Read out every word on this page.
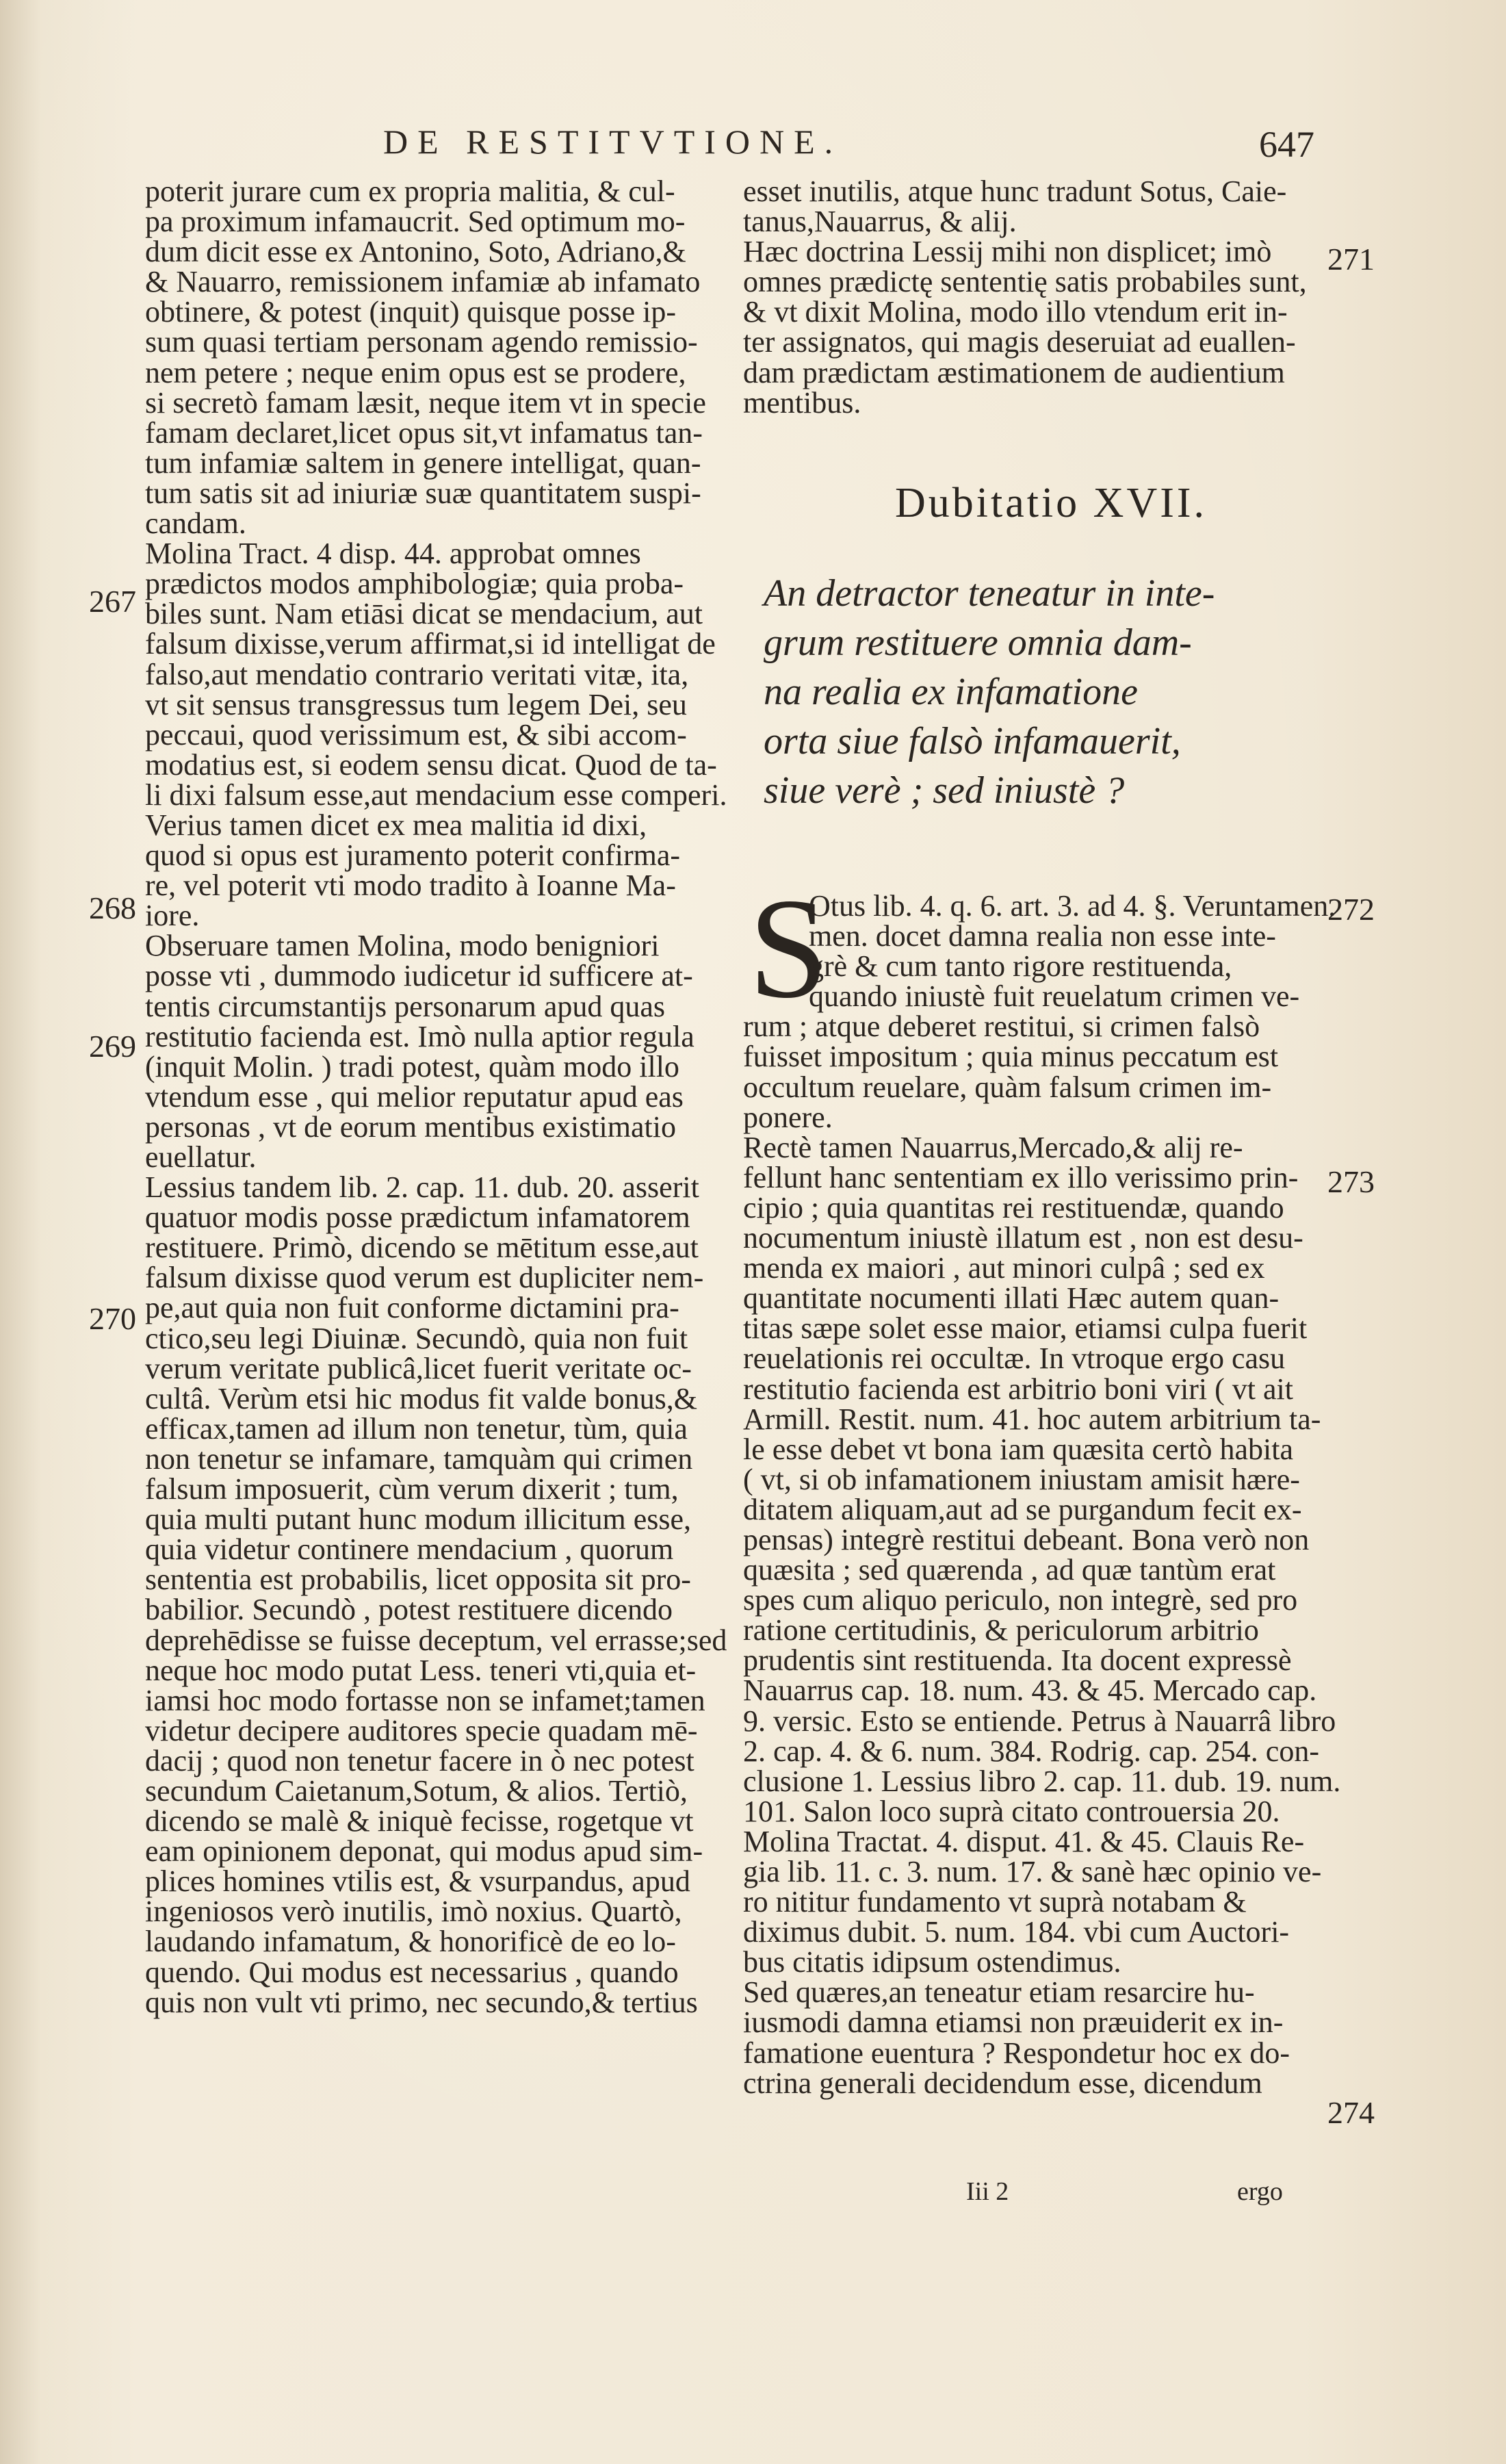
DE RESTITVTIONE.	647
poterit jurare cum ex propria malitia, & cul-
pa proximum infamaucrit. Sed optimum mo-
dum dicit esse ex Antonino, Soto, Adriano,&
& Nauarro, remissionem infamiæ ab infamato
obtinere, & potest (inquit) quisque posse ip-
sum quasi tertiam personam agendo remissio-
nem petere ; neque enim opus est se prodere,
si secretò famam læsit, neque item vt in specie
famam declaret,licet opus sit,vt infamatus tan-
tum infamiæ saltem in genere intelligat, quan-
tum satis sit ad iniuriæ suæ quantitatem suspi-
candam.
Molina Tract. 4 disp. 44. approbat omnes
prædictos modos amphibologiæ; quia proba-
biles sunt. Nam etiāsi dicat se mendacium, aut
falsum dixisse,verum affirmat,si id intelligat de
falso,aut mendatio contrario veritati vitæ, ita,
vt sit sensus transgressus tum legem Dei, seu
peccaui, quod verissimum est, & sibi accom-
modatius est, si eodem sensu dicat. Quod de ta-
li dixi falsum esse,aut mendacium esse comperi.
Verius tamen dicet ex mea malitia id dixi,
quod si opus est juramento poterit confirma-
re, vel poterit vti modo tradito à Ioanne Ma-
iore.
Obseruare tamen Molina, modo benigniori
posse vti , dummodo iudicetur id sufficere at-
tentis circumstantijs personarum apud quas
restitutio facienda est. Imò nulla aptior regula
(inquit Molin. ) tradi potest, quàm modo illo
vtendum esse , qui melior reputatur apud eas
personas , vt de eorum mentibus existimatio
euellatur.
Lessius tandem lib. 2. cap. 11. dub. 20. asserit
quatuor modis posse prædictum infamatorem
restituere. Primò, dicendo se mētitum esse,aut
falsum dixisse quod verum est dupliciter nem-
pe,aut quia non fuit conforme dictamini pra-
ctico,seu legi Diuinæ. Secundò, quia non fuit
verum veritate publicâ,licet fuerit veritate oc-
cultâ. Verùm etsi hic modus fit valde bonus,&
efficax,tamen ad illum non tenetur, tùm, quia
non tenetur se infamare, tamquàm qui crimen
falsum imposuerit, cùm verum dixerit ; tum,
quia multi putant hunc modum illicitum esse,
quia videtur continere mendacium , quorum
sententia est probabilis, licet opposita sit pro-
babilior. Secundò , potest restituere dicendo
deprehēdisse se fuisse deceptum, vel errasse;sed
neque hoc modo putat Less. teneri vti,quia et-
iamsi hoc modo fortasse non se infamet;tamen
videtur decipere auditores specie quadam mē-
dacij ; quod non tenetur facere in ò nec potest
secundum Caietanum,Sotum, & alios. Tertiò,
dicendo se malè & iniquè fecisse, rogetque vt
eam opinionem deponat, qui modus apud sim-
plices homines vtilis est, & vsurpandus, apud
ingeniosos verò inutilis, imò noxius. Quartò,
laudando infamatum, & honorificè de eo lo-
quendo. Qui modus est necessarius , quando
quis non vult vti primo, nec secundo,& tertius
esset inutilis, atque hunc tradunt Sotus, Caie-
tanus,Nauarrus, & alij.
Hæc doctrina Lessij mihi non displicet; imò
omnes prædictę sententię satis probabiles sunt,
& vt dixit Molina, modo illo vtendum erit in-
ter assignatos, qui magis deseruiat ad euallen-
dam prædictam æstimationem de audientium
mentibus.
Dubitatio XVII.
An detractor teneatur in inte-
grum restituere omnia dam-
na realia ex infamatione
orta siue falsò infamauerit,
siue verè ; sed iniustè ?
S
Otus lib. 4. q. 6. art. 3. ad 4. §. Veruntamen.
men. docet damna realia non esse inte-
grè & cum tanto rigore restituenda,
quando iniustè fuit reuelatum crimen ve-
rum ; atque deberet restitui, si crimen falsò
fuisset impositum ; quia minus peccatum est
occultum reuelare, quàm falsum crimen im-
ponere.
Rectè tamen Nauarrus,Mercado,& alij re-
fellunt hanc sententiam ex illo verissimo prin-
cipio ; quia quantitas rei restituendæ, quando
nocumentum iniustè illatum est , non est desu-
menda ex maiori , aut minori culpâ ; sed ex
quantitate nocumenti illati Hæc autem quan-
titas sæpe solet esse maior, etiamsi culpa fuerit
reuelationis rei occultæ. In vtroque ergo casu
restitutio facienda est arbitrio boni viri ( vt ait
Armill. Restit. num. 41. hoc autem arbitrium ta-
le esse debet vt bona iam quæsita certò habita
( vt, si ob infamationem iniustam amisit hære-
ditatem aliquam,aut ad se purgandum fecit ex-
pensas) integrè restitui debeant. Bona verò non
quæsita ; sed quærenda , ad quæ tantùm erat
spes cum aliquo periculo, non integrè, sed pro
ratione certitudinis, & periculorum arbitrio
prudentis sint restituenda. Ita docent expressè
Nauarrus cap. 18. num. 43. & 45. Mercado cap.
9. versic. Esto se entiende. Petrus à Nauarrâ libro
2. cap. 4. & 6. num. 384. Rodrig. cap. 254. con-
clusione 1. Lessius libro 2. cap. 11. dub. 19. num.
101. Salon loco suprà citato controuersia 20.
Molina Tractat. 4. disput. 41. & 45. Clauis Re-
gia lib. 11. c. 3. num. 17. & sanè hæc opinio ve-
ro nititur fundamento vt suprà notabam &
diximus dubit. 5. num. 184. vbi cum Auctori-
bus citatis idipsum ostendimus.
Sed quæres,an teneatur etiam resarcire hu-
iusmodi damna etiamsi non præuiderit ex in-
famatione euentura ? Respondetur hoc ex do-
ctrina generali decidendum esse, dicendum
267
268
269
270
271
272
273
274
Iii 2	ergo
